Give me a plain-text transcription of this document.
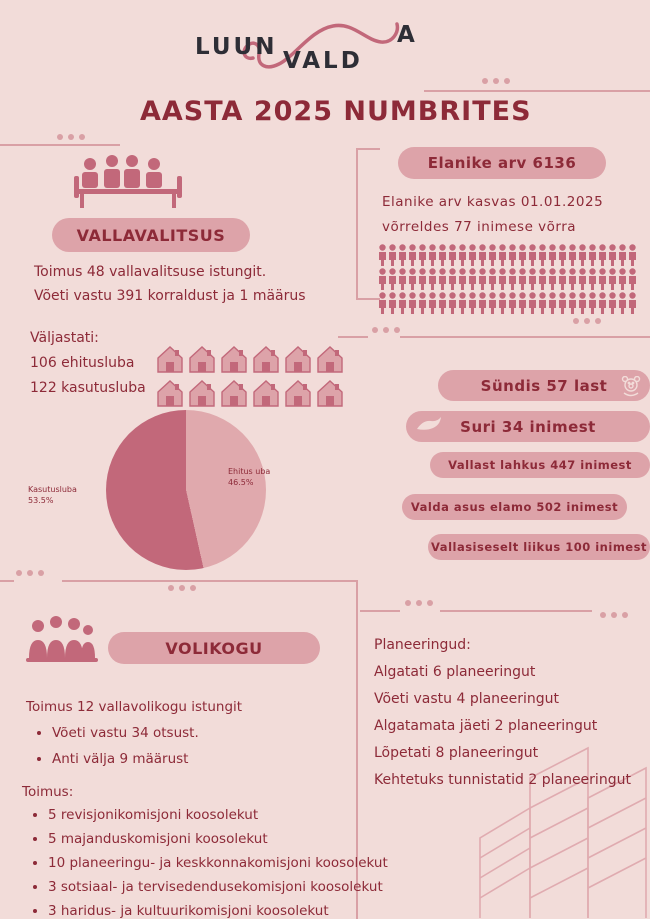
LUUN
VALD
A
AASTA 2025 NUMBRITES
VALLAVALITSUS
Toimus 48 vallavalitsuse istungit.
Võeti vastu 391 korraldust ja 1 määrus
Väljastati:
106 ehitusluba
122 kasutusluba
Kasutusluba
53.5%
Ehitus uba
46.5%
Elanike arv 6136
Elanike arv kasvas 01.01.2025
võrreldes 77 inimese võrra
Sündis 57 last
Suri 34 inimest
Vallast lahkus 447 inimest
Valda asus elamo 502 inimest
Vallasiseselt liikus 100 inimest
VOLIKOGU
Toimus 12 vallavolikogu istungit
• Võeti vastu 34 otsust.
• Anti välja 9 määrust
Toimus:
• 5 revisjonikomisjoni koosolekut
• 5 majanduskomisjoni koosolekut
• 10 planeeringu- ja keskkonnakomisjoni koosolekut
• 3 sotsiaal- ja tervisedendusekomisjoni koosolekut
• 3 haridus- ja kultuurikomisjoni koosolekut
Planeeringud:
Algatati 6 planeeringut
Võeti vastu 4 planeeringut
Algatamata jäeti 2 planeeringut
Lõpetati 8 planeeringut
Kehtetuks tunnistatid 2 planeeringut
